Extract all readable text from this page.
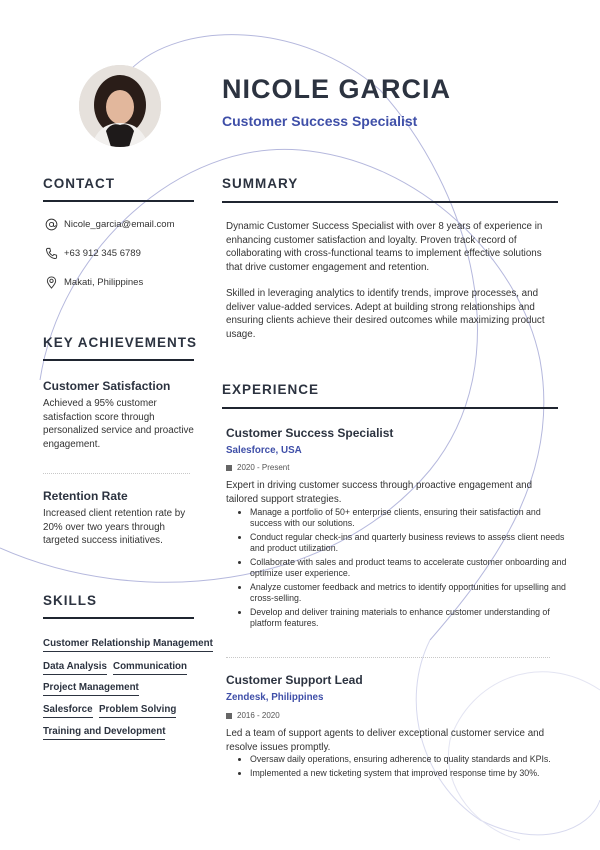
NICOLE GARCIA
Customer Success Specialist
CONTACT
Nicole_garcia@email.com
+63 912 345 6789
Makati, Philippines
KEY ACHIEVEMENTS
Customer Satisfaction
Achieved a 95% customer satisfaction score through personalized service and proactive engagement.
Retention Rate
Increased client retention rate by 20% over two years through targeted success initiatives.
SKILLS
Customer Relationship Management
Data Analysis Communication
Project Management
Salesforce Problem Solving
Training and Development
SUMMARY
Dynamic Customer Success Specialist with over 8 years of experience in enhancing customer satisfaction and loyalty. Proven track record of collaborating with cross-functional teams to implement effective solutions that drive customer engagement and retention.
Skilled in leveraging analytics to identify trends, improve processes, and deliver value-added services. Adept at building strong relationships and ensuring clients achieve their desired outcomes while maximizing product usage.
EXPERIENCE
Customer Success Specialist
Salesforce, USA
2020 - Present
Expert in driving customer success through proactive engagement and tailored support strategies.
• Manage a portfolio of 50+ enterprise clients, ensuring their satisfaction and success with our solutions.
• Conduct regular check-ins and quarterly business reviews to assess client needs and product utilization.
• Collaborate with sales and product teams to accelerate customer onboarding and optimize user experience.
• Analyze customer feedback and metrics to identify opportunities for upselling and cross-selling.
• Develop and deliver training materials to enhance customer understanding of platform features.
Customer Support Lead
Zendesk, Philippines
2016 - 2020
Led a team of support agents to deliver exceptional customer service and resolve issues promptly.
• Oversaw daily operations, ensuring adherence to quality standards and KPIs.
• Implemented a new ticketing system that improved response time by 30%.
